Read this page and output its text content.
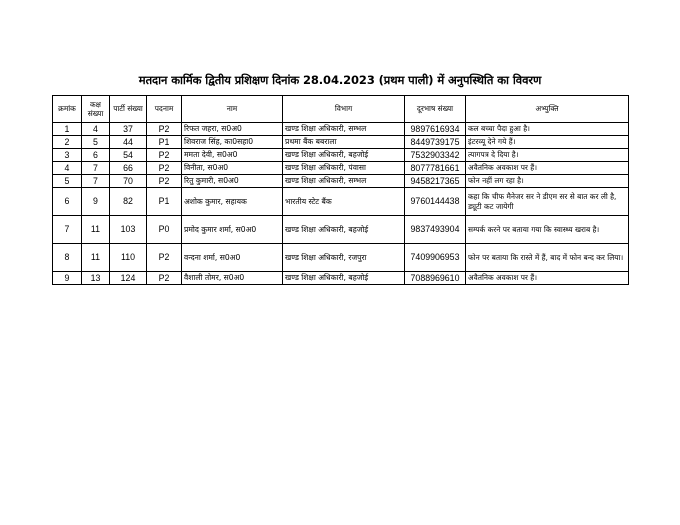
मतदान कार्मिक द्वितीय प्रशिक्षण दिनांक 28.04.2023 (प्रथम पाली) में अनुपस्थिति का विवरण
क्रमांक	कक्ष संख्या	पार्टी संख्या	पदनाम	नाम	विभाग	दूरभाष संख्या	अभ्युक्ति
1	4	37	P2	रिफत जहरा, स0अ0	खण्ड शिक्षा अधिकारी, सम्भल	9897616934	कल बच्चा पैदा हुआ है।
2	5	44	P1	शिवराज सिंह, का0सहा0	प्रथमा बैंक बबराला	8449739175	इंटरव्यू देने गये हैं।
3	6	54	P2	ममता देवी, स0अ0	खण्ड शिक्षा अधिकारी, बहजोई	7532903342	त्यागपत्र दे दिया है।
4	7	66	P2	विनीता, स0अ0	खण्ड शिक्षा अधिकारी, पंवासा	8077781661	अवैतनिक अवकाश पर हैं।
5	7	70	P2	रितु कुमारी, स0अ0	खण्ड शिक्षा अधिकारी, सम्भल	9458217365	फोन नहीं लग रहा है।
6	9	82	P1	अशोक कुमार, सहायक	भारतीय स्टेट बैंक	9760144438	कहा कि चीफ मैनेजर सर ने डीएम सर से बात कर ली है, ड्यूटी कट जायेगी
7	11	103	P0	प्रमोद कुमार शर्मा, स0अ0	खण्ड शिक्षा अधिकारी, बहजोई	9837493904	सम्पर्क करने पर बताया गया कि स्वास्थ्य खराब है।
8	11	110	P2	वन्दना शर्मा, स0अ0	खण्ड शिक्षा अधिकारी, रजपुरा	7409906953	फोन पर बताया कि रास्ते में हैं, बाद में फोन बन्द कर लिया।
9	13	124	P2	वैशाली तोमर, स0अ0	खण्ड शिक्षा अधिकारी, बहजोई	7088969610	अवैतनिक अवकाश पर हैं।
